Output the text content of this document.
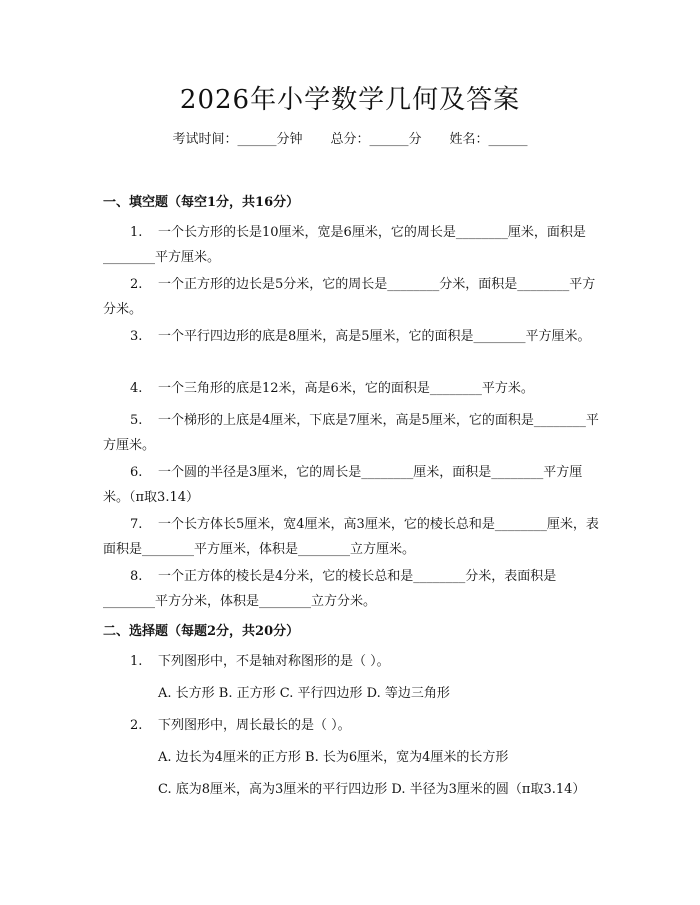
2026年小学数学几何及答案
考试时间：______分钟 总分：______分 姓名：______
一、填空题（每空1分，共16分）

1. 一个长方形的长是10厘米，宽是6厘米，它的周长是________厘米，面积是________平方厘米。

2. 一个正方形的边长是5分米，它的周长是________分米，面积是________平方分米。

3. 一个平行四边形的底是8厘米，高是5厘米，它的面积是________平方厘米。

4. 一个三角形的底是12米，高是6米，它的面积是________平方米。

5. 一个梯形的上底是4厘米，下底是7厘米，高是5厘米，它的面积是________平方厘米。

6. 一个圆的半径是3厘米，它的周长是________厘米，面积是________平方厘米。（π取3.14）

7. 一个长方体长5厘米，宽4厘米，高3厘米，它的棱长总和是________厘米，表面积是________平方厘米，体积是________立方厘米。

8. 一个正方体的棱长是4分米，它的棱长总和是________分米，表面积是________平方分米，体积是________立方分米。

二、选择题（每题2分，共20分）

1. 下列图形中，不是轴对称图形的是（ ）。

A. 长方形 B. 正方形 C. 平行四边形 D. 等边三角形

2. 下列图形中，周长最长的是（ ）。

A. 边长为4厘米的正方形 B. 长为6厘米，宽为4厘米的长方形

C. 底为8厘米，高为3厘米的平行四边形 D. 半径为3厘米的圆（π取3.14）
